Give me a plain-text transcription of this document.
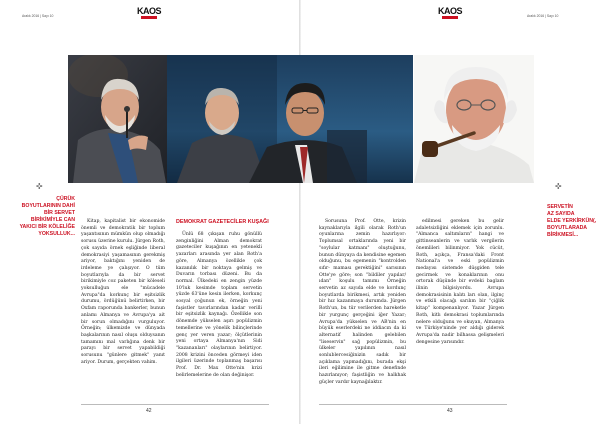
Aralık 2016 | Sayı 10	KAOS	KAOS	Aralık 2016 | Sayı 10
ÇÜRÜK
BOYUTLARININ DAHİ
BİR SERVET
BİRİKİMİYLE CAN
YAKICI BİR KÖLELİĞE
YOKSULLUK...
✜
SERVETİN
AZ SAYIDA
ELDE YERKİRKÜN(,
BOYUTLARADA
BİRİKMESİ...
✜

Kitap, kapitalist bir ekonomide önemli ve demokratik bir toplum yaşantısının mümkün olup olmadığı sorusu üzerine kurulu. Jürgen Roth, çok sayıda örnek eşliğinde liberal demokrasiyi yaşamasının gerekmiş ariyor, baktığını yeniden de irdeleme ye çalışıyor. O tüm boyutlarıyla da bir servet birikimiyle coz paketen bir köleseli yoksulluğun ele "mücadele Avrupa"da korkunç bir eşitsizlik durumu, ördüğünü belirtirken, bir Oxfam raporunda bankerler, bunun anlamı Almanya ve Avrupa'ya ait bir sorun olmadığını vurguluyor. Örneğin; ülkemizde ve dünyada başkalarının nasıl oluşu olduysanın tamamını mal varlığına denk bir parayı bir servet yapabildiği sorusunu "günlere gitmek" yanıt ariyor. Durum, gerçekten vahim.

DEMOKRAT GAZETECİLER KUŞAĞI

Ünlü 68 çıkışan ruhu gönüllü zenginliğini Alman demokrat gazeteciler kuşağının en yetenekli yazarları arasında yer alan Roth'a göre, Almanya özellikle çok kazanılık bir noktaya gelmiş ve Duvarın torbası düzeni. Bu da normal. Ülkedeki en zengin yüzde 10'luk kesimde toplam servetin yüzde 63'üne kesin ilerken, korkunç sosyal çoğunun ek, örneğin yeni faşistler tavırlarından kadar verilli bir eşitsizlik kaynağı. Özellikle son dönemde yükselen aşırı popülizmin temellerine ve yönelik bilinçlerinde genç yer veren yazar; ölçütlerinin yeni ortaya Almanya'nın Sidi "kazananları" olaylarının belirtiyor. 2008 krizini önceden görmeyi iden ilgileri üzerinde toplanmaş başarısı Prof. Dr. Max Otte'nin krizi belirlemelerine de olan değinişor.

Sorusuna Prof. Otte, krizin kaynaklarıyla ilgili olarak Roth'un oyunlarına zemin hazırlıyor: Toplumsal ortaklarında yeni bir "soylular katmanı" oluştuğunu, bunun dünyaya da kendisine egemen olduğunu, bu egemenin "kontrolden sıfır- maması gerektiğini" sarısının Otte'ye göre; son "bildiler yapılar/ıdan" koşulu tamımı Örneğin servetin az sayıda elde ve kordunç boyutlarda birikmesi, artık yeniden bir hız kazanmaya durumda. Jürgen Roth'un, bu tür verilerden hareketle bir yurgunç gerçeğini iğer Yazar; Avrupa'da yükselen ve AB'nin en büyük eserlerdeki ne iddiacın da ki alternatif halinden gelebilen "liseservin" sağ popülizmin, bu ülkeler yapılının nasıl sonlublercesiğinizin sadık bir açıklama yapmadığını, burada ekşi ileri eğilimine ile gitme denefinde hazırlanıyor; faşistliğin ve halkhak güçler vardır kaynağılaktır.

edilmesi gereken bu gelir adaletsizliğini eklemek için zorunlu. "Almanca saltımların" hangi ve gittinseanlerin ve varlık vergilerin önemlileri bilinmiyor. Yok cücüt, Roth, açıkça, Fransa'daki Front National'a ve eski popülizmin medayısı sistemde düşgiden tele gecirmek ve konaklarının onu ortorak düşünde bir evdeki baglam ilinin bilgisiyordu. Avrupa demokrasisinin kalıtı ları olan, ilginç ve etkili olacağı sarılım bir "çiğlik kitap" kompenanlıyor. Yazar Jürgen Roth, kitlı demokrasi toplumlarında nelere olduğunu ve okuyan, Almanya ve Türkiye'ninde yer aldığı giderek Avrupa'da nadir bilhassa gelişmeleri dengesine yarısındır.

42	43
